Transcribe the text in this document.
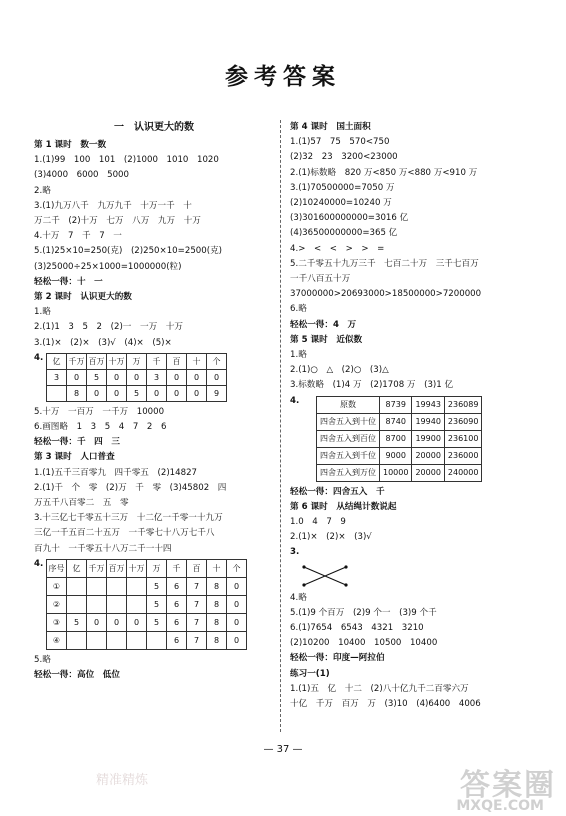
参考答案
一　认识更大的数
第 1 课时　数一数
1.(1)99　100　101　(2)1000　1010　1020
(3)4000　6000　5000
2.略
3.(1)九万八千　九万九千　十万一千　十
万二千　(2)十万　七万　八万　九万　十万
4.十万　7　千　7　一
5.(1)25×10=250(克)　(2)250×10=2500(克)
(3)25000÷25×1000=1000000(粒)
轻松一得：十　一
第 2 课时　认识更大的数
1.略
2.(1)1　3　5　2　(2)一　一万　十万
3.(1)×　(2)×　(3)√　(4)×　(5)×
4. 亿	千万	百万	十万	万	千	百	十	个
3	0	5	0	0	3	0	0	0
	8	0	0	5	0	0	0	9
5.十万　一百万　一千万　10000
6.画图略　1　3　5　4　7　2　6
轻松一得：千　四　三
第 3 课时　人口普查
1.(1)五千三百零九　四千零五　(2)14827
2.(1)千　个　零　(2)万　千　零　(3)45802　四
万五千八百零二　五　零
3.十三亿七千零五十三万　十二亿一千零一十九万
三亿一千五百二十五万　一千零七十八万七千八
百九十　一千零五十八万二千一十四
4. 序号	亿	千万	百万	十万	万	千	百	十	个
①					5	6	7	8	0
②					5	6	7	8	0
③	5	0	0	0	5	6	7	8	0
④						6	7	8	0
5.略
轻松一得：高位　低位
第 4 课时　国土面积
1.(1)57　75　570<750
(2)32　23　3200<23000
2.(1)标数略　820 万<850 万<880 万<910 万
3.(1)70500000=7050 万
(2)10240000=10240 万
(3)301600000000=3016 亿
(4)36500000000=365 亿
4.>　<　<　>　>　=
5.二千零五十九万三千　七百二十万　三千七百万
一千八百五十万
37000000>20693000>18500000>7200000
6.略
轻松一得：4　万
第 5 课时　近似数
1.略
2.(1)○　△　(2)○　(3)△
3.标数略　(1)4 万　(2)1708 万　(3)1 亿
4.	原数	8739	19943	236089
四舍五入到十位	8740	19940	236090
四舍五入到百位	8700	19900	236100
四舍五入到千位	9000	20000	236000
四舍五入到万位	10000	20000	240000
轻松一得：四舍五入　千
第 6 课时　从结绳计数说起
1.0　4　7　9
2.(1)×　(2)×　(3)√
3.
4.略
5.(1)9 个百万　(2)9 个一　(3)9 个千
6.(1)7654　6543　4321　3210
(2)10200　10400　10500　10400
轻松一得：印度—阿拉伯
练习一(1)
1.(1)五　亿　十二　(2)八十亿九千二百零六万
十亿　千万　百万　万　(3)10　(4)6400　4006
— 37 —
精准精炼	答案圈
MXQE.COM
